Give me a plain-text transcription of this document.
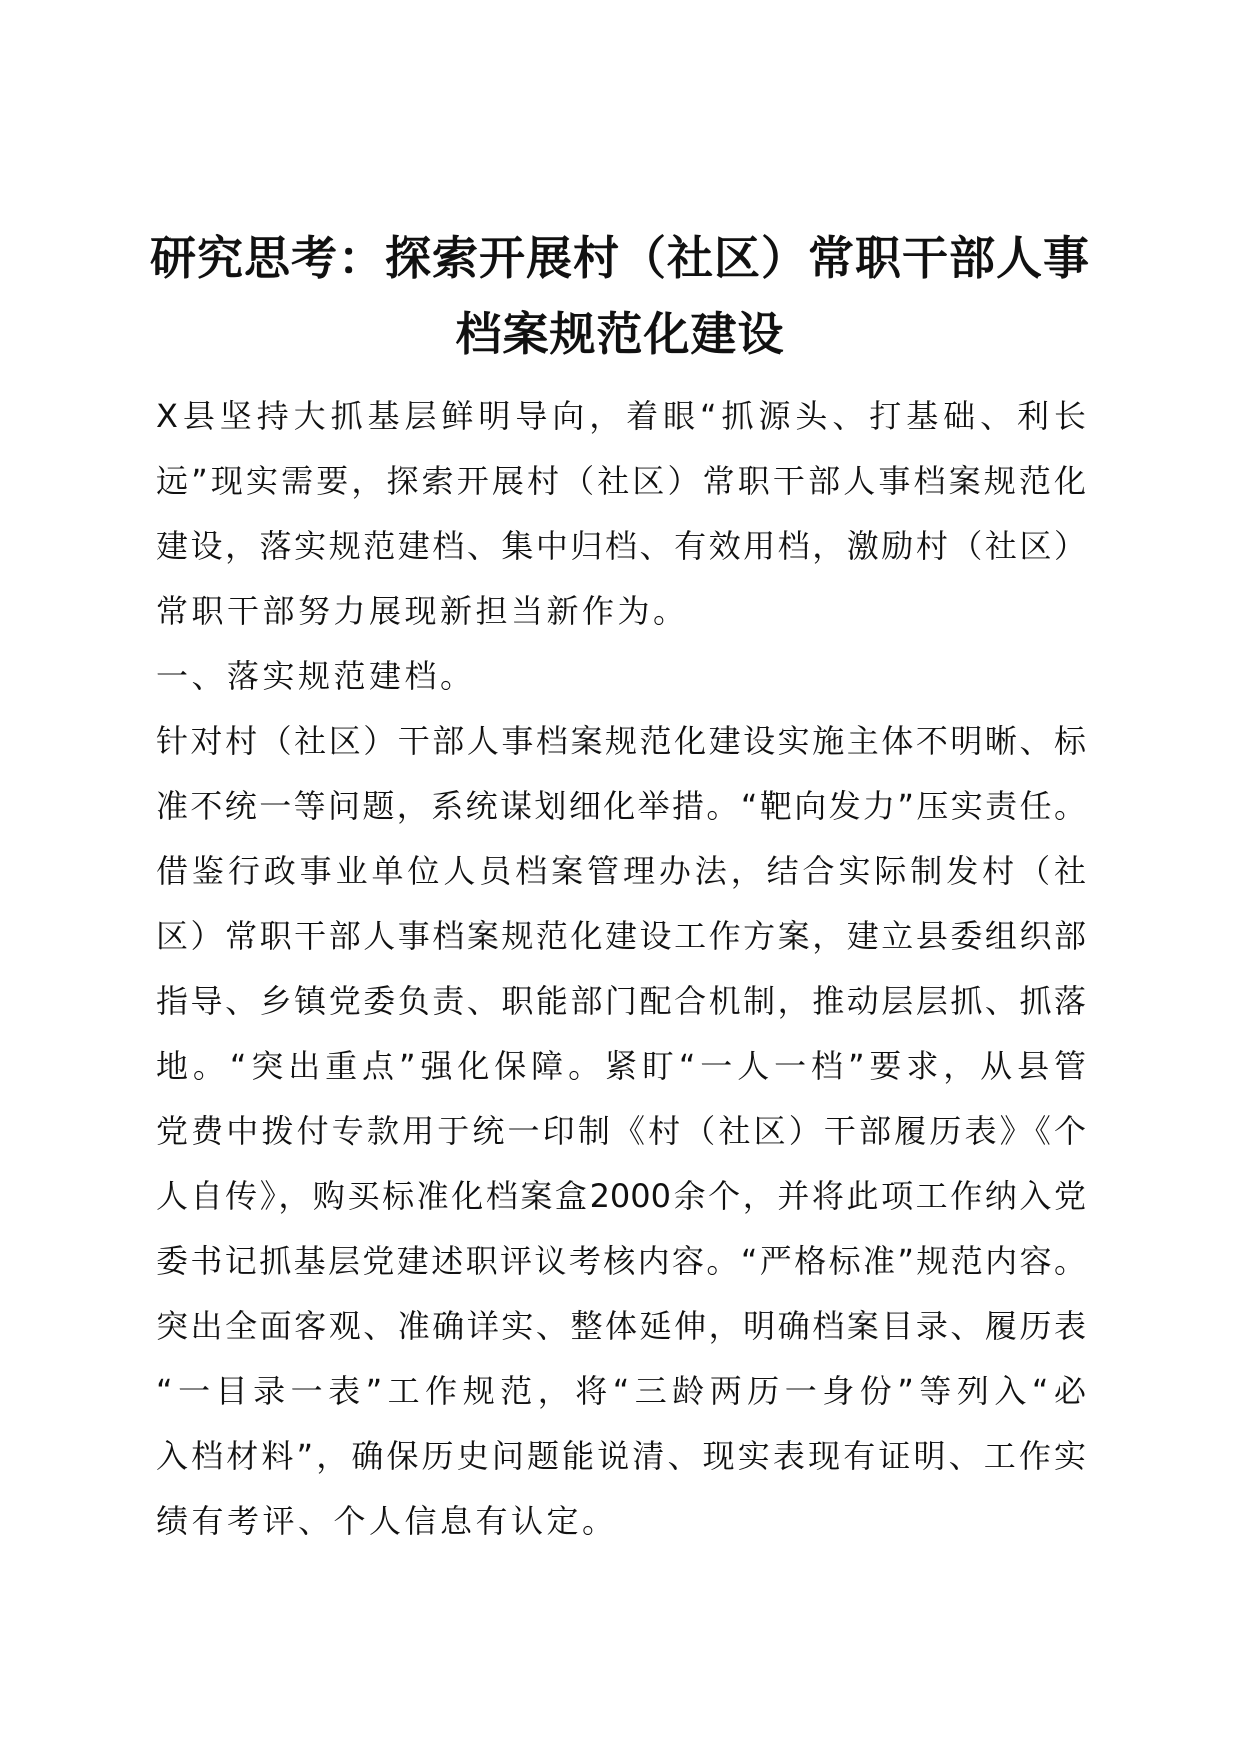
研究思考：探索开展村（社区）常职干部人事
档案规范化建设
X县坚持大抓基层鲜明导向，着眼“抓源头、打基础、利长
远”现实需要，探索开展村（社区）常职干部人事档案规范化
建设，落实规范建档、集中归档、有效用档，激励村（社区）
常职干部努力展现新担当新作为。
一、落实规范建档。
针对村（社区）干部人事档案规范化建设实施主体不明晰、标
准不统一等问题，系统谋划细化举措。“靶向发力”压实责任。
借鉴行政事业单位人员档案管理办法，结合实际制发村（社
区）常职干部人事档案规范化建设工作方案，建立县委组织部
指导、乡镇党委负责、职能部门配合机制，推动层层抓、抓落
地。“突出重点”强化保障。紧盯“一人一档”要求，从县管
党费中拨付专款用于统一印制《村（社区）干部履历表》《个
人自传》，购买标准化档案盒2000余个，并将此项工作纳入党
委书记抓基层党建述职评议考核内容。“严格标准”规范内容。
突出全面客观、准确详实、整体延伸，明确档案目录、履历表
“一目录一表”工作规范，将“三龄两历一身份”等列入“必
入档材料”，确保历史问题能说清、现实表现有证明、工作实
绩有考评、个人信息有认定。
